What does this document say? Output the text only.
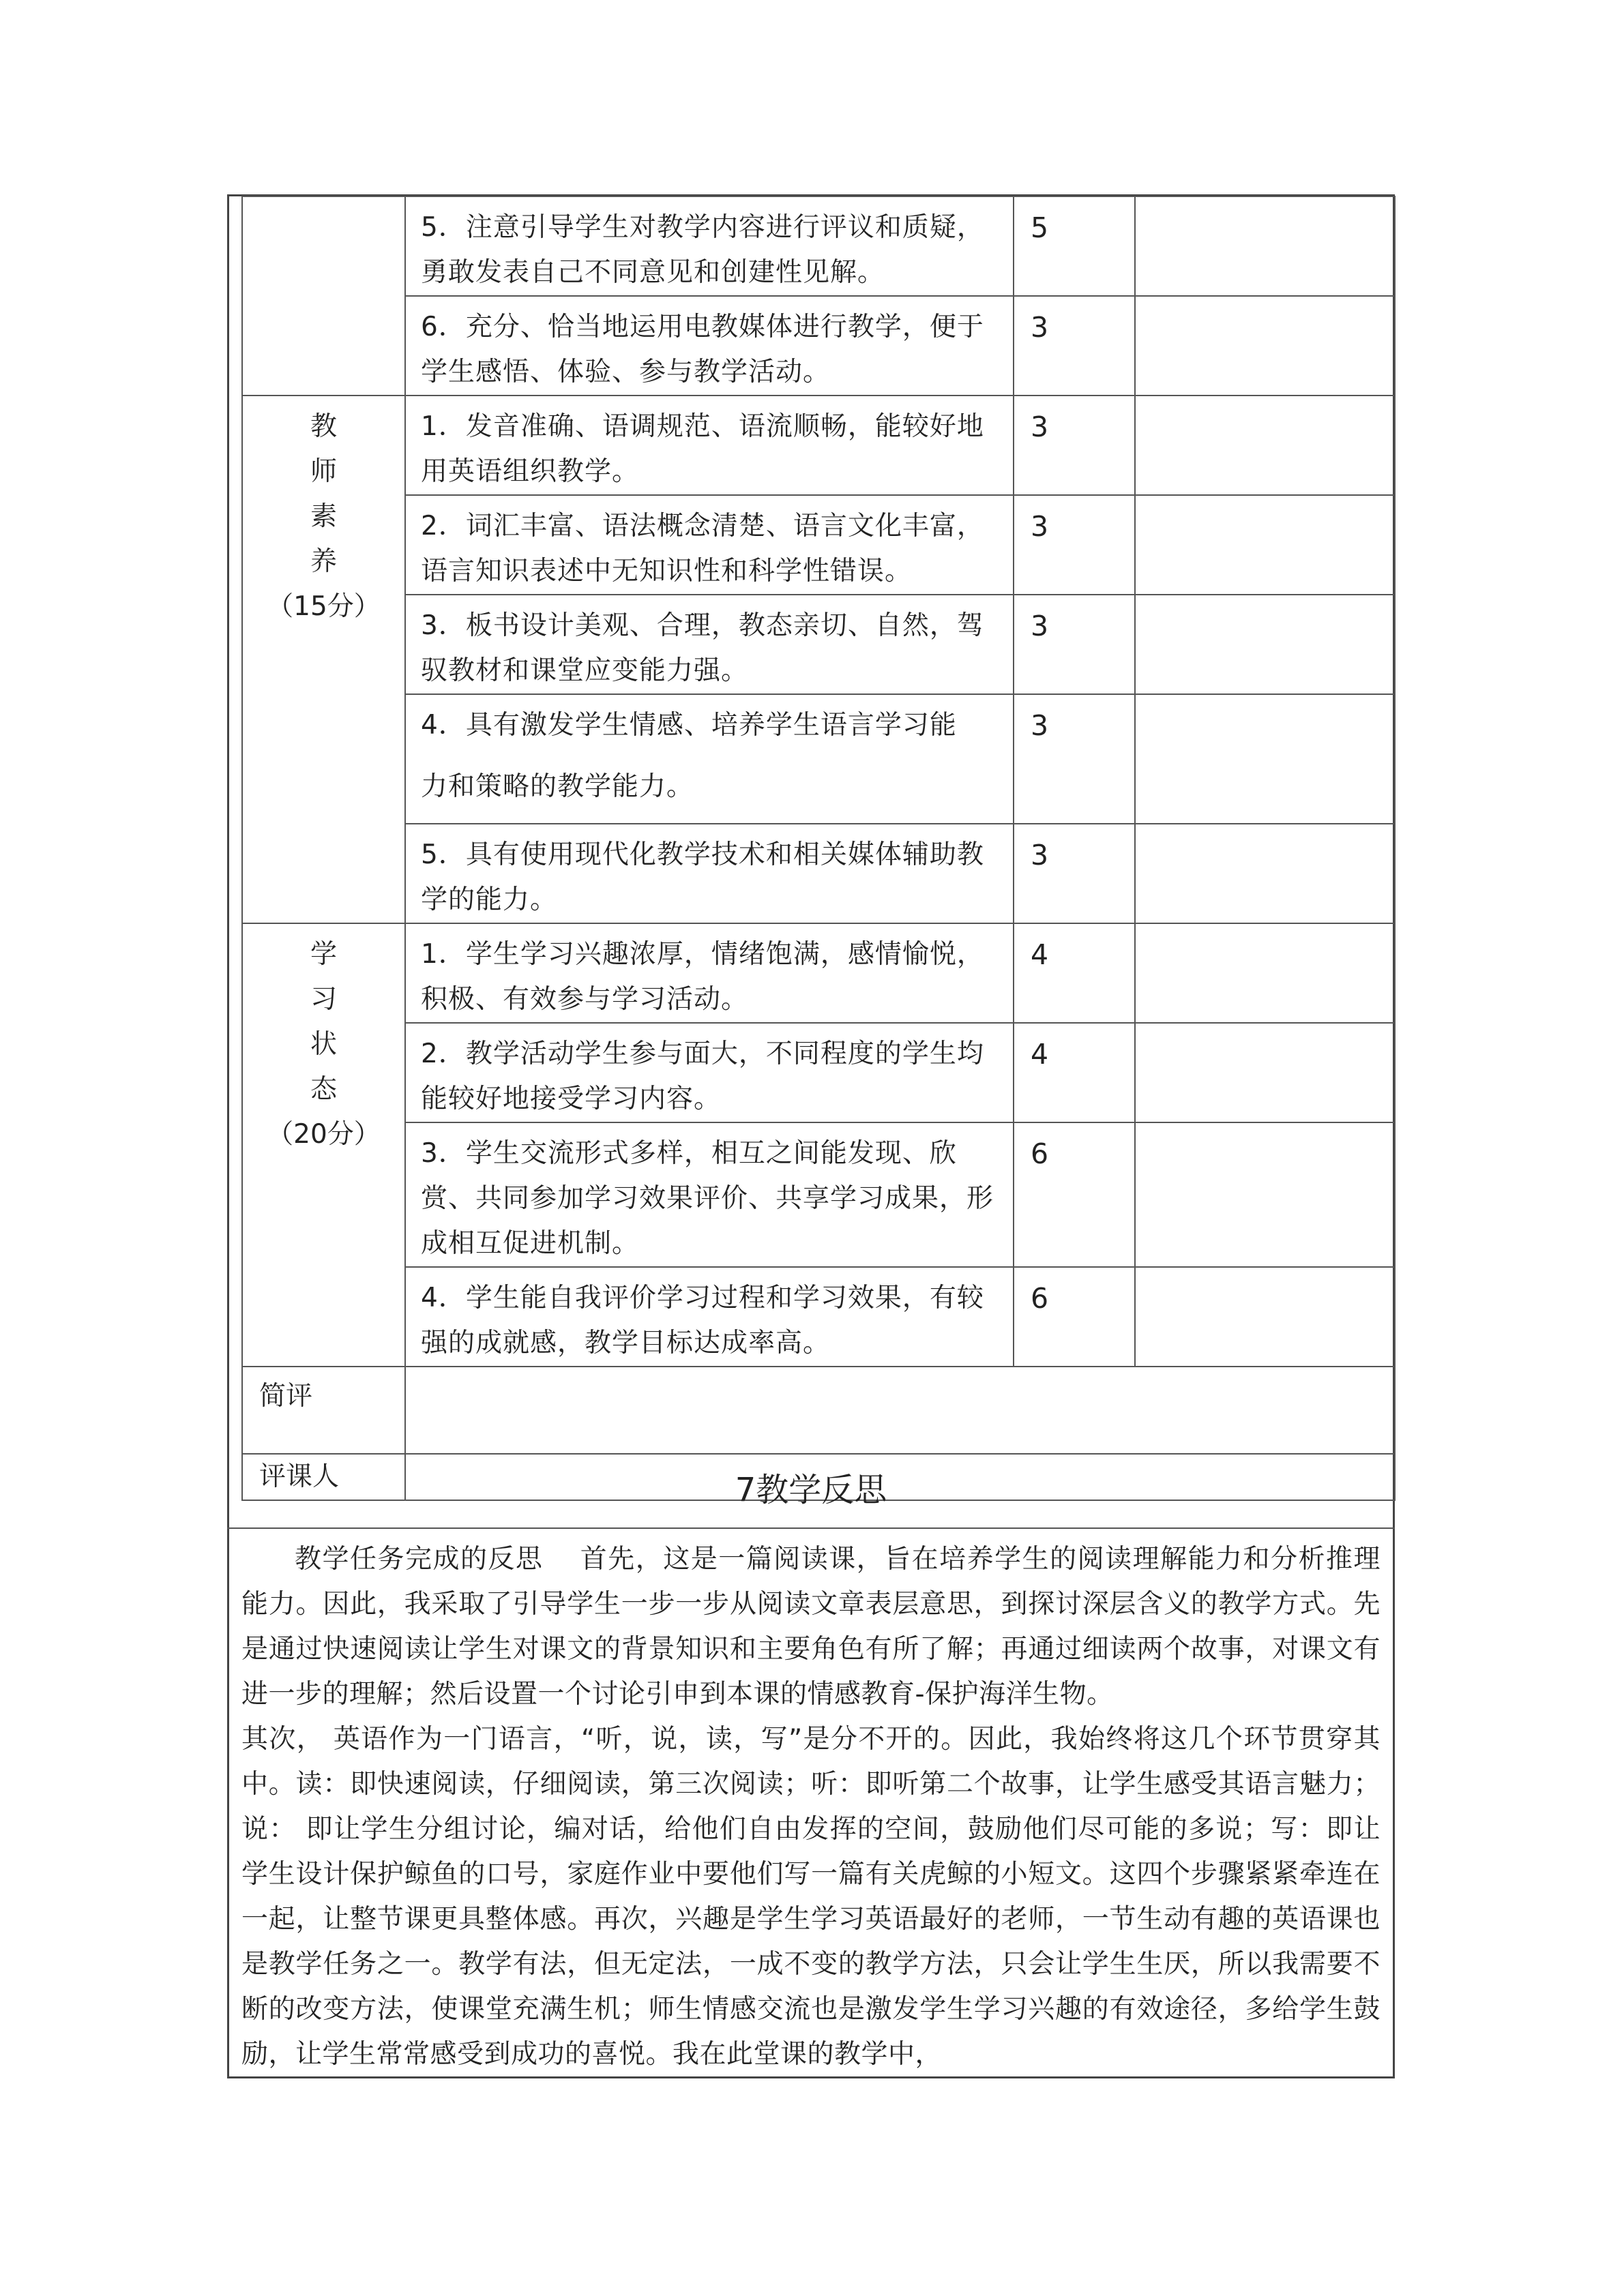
	5．注意引导学生对教学内容进行评议和质疑，勇敢发表自己不同意见和创建性见解。	5	
	6．充分、恰当地运用电教媒体进行教学，便于学生感悟、体验、参与教学活动。	3	

教
师
素
养
（15分）	1．发音准确、语调规范、语流顺畅，能较好地用英语组织教学。	3	
	2．词汇丰富、语法概念清楚、语言文化丰富，语言知识表述中无知识性和科学性错误。	3	
	3．板书设计美观、合理，教态亲切、自然，驾驭教材和课堂应变能力强。	3	

	4．具有激发学生情感、培养学生语言学习能
力和策略的教学能力。	3	
	5．具有使用现代化教学技术和相关媒体辅助教学的能力。	3	

学
习
状
态
（20分）	1．学生学习兴趣浓厚，情绪饱满，感情愉悦，积极、有效参与学习活动。	4	
	2．教学活动学生参与面大，不同程度的学生均能较好地接受学习内容。	4	
	3．学生交流形式多样，相互之间能发现、欣赏、共同参加学习效果评价、共享学习成果，形成相互促进机制。	6	
	4．学生能自我评价学习过程和学习效果，有较强的成就感，教学目标达成率高。	6	
简评			
评课人				7教学反思

教学任务完成的反思　 首先，这是一篇阅读课，旨在培养学生的阅读理解能力和分析推理能力。因此，我采取了引导学生一步一步从阅读文章表层意思，到探讨深层含义的教学方式。先是通过快速阅读让学生对课文的背景知识和主要角色有所了解；再通过细读两个故事，对课文有进一步的理解；然后设置一个讨论引申到本课的情感教育-保护海洋生物。

其次， 英语作为一门语言，“听，说，读，写”是分不开的。因此，我始终将这几个环节贯穿其中。读：即快速阅读，仔细阅读，第三次阅读；听：即听第二个故事，让学生感受其语言魅力；说： 即让学生分组讨论，编对话，给他们自由发挥的空间，鼓励他们尽可能的多说；写：即让学生设计保护鲸鱼的口号，家庭作业中要他们写一篇有关虎鲸的小短文。这四个步骤紧紧牵连在一起，让整节课更具整体感。再次，兴趣是学生学习英语最好的老师，一节生动有趣的英语课也是教学任务之一。教学有法，但无定法，一成不变的教学方法，只会让学生生厌，所以我需要不断的改变方法，使课堂充满生机；师生情感交流也是激发学生学习兴趣的有效途径，多给学生鼓励，让学生常常感受到成功的喜悦。我在此堂课的教学中，
